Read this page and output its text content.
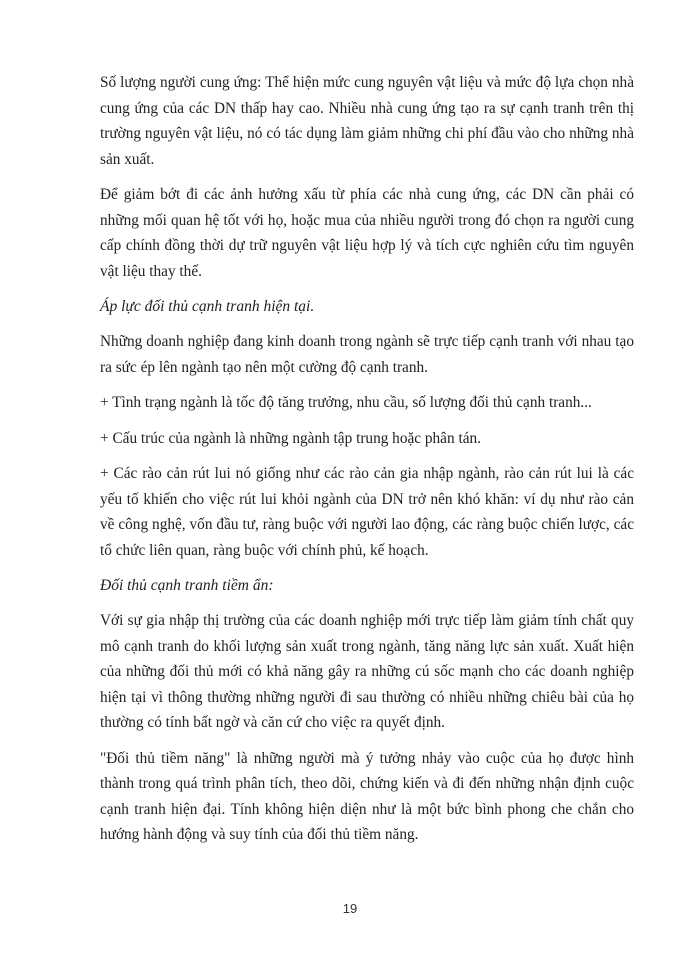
Số lượng người cung ứng: Thể hiện mức cung nguyên vật liệu và mức độ lựa chọn nhà cung ứng của các DN thấp hay cao. Nhiều nhà cung ứng tạo ra sự cạnh tranh trên thị trường nguyên vật liệu, nó có tác dụng làm giảm những chi phí đầu vào cho những nhà sản xuất.

Để giảm bớt đi các ảnh hưởng xấu từ phía các nhà cung ứng, các DN cần phải có những mối quan hệ tốt với họ, hoặc mua của nhiều người trong đó chọn ra người cung cấp chính đồng thời dự trữ nguyên vật liệu hợp lý và tích cực nghiên cứu tìm nguyên vật liệu thay thế.

Áp lực đối thủ cạnh tranh hiện tại.

Những doanh nghiệp đang kinh doanh trong ngành sẽ trực tiếp cạnh tranh với nhau tạo ra sức ép lên ngành tạo nên một cường độ cạnh tranh.

+ Tình trạng ngành là tốc độ tăng trưởng, nhu cầu, số lượng đối thủ cạnh tranh...

+ Cấu trúc của ngành là những ngành tập trung hoặc phân tán.

+ Các rào cản rút lui nó giống như các rào cản gia nhập ngành, rào cản rút lui là các yếu tố khiến cho việc rút lui khỏi ngành của DN trở nên khó khăn: ví dụ như rào cản về công nghệ, vốn đầu tư, ràng buộc với người lao động, các ràng buộc chiến lược, các tổ chức liên quan, ràng buộc với chính phủ, kế hoạch.

Đối thủ cạnh tranh tiềm ẩn:

Với sự gia nhập thị trường của các doanh nghiệp mới trực tiếp làm giảm tính chất quy mô cạnh tranh do khối lượng sản xuất trong ngành, tăng năng lực sản xuất. Xuất hiện của những đối thủ mới có khả năng gây ra những cú sốc mạnh cho các doanh nghiệp hiện tại vì thông thường những người đi sau thường có nhiều những chiêu bài của họ thường có tính bất ngờ và căn cứ cho việc ra quyết định.

"Đối thủ tiềm năng" là những người mà ý tưởng nhảy vào cuộc của họ được hình thành trong quá trình phân tích, theo dõi, chứng kiến và đi đến những nhận định cuộc cạnh tranh hiện đại. Tính không hiện diện như là một bức bình phong che chắn cho hướng hành động và suy tính của đối thủ tiềm năng.

19
